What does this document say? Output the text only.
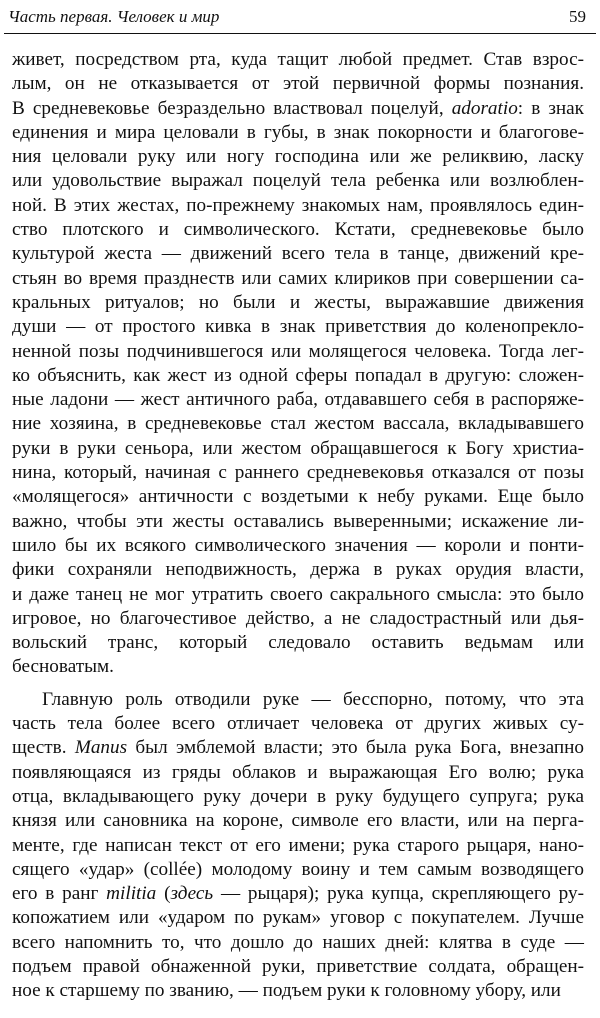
Часть первая. Человек и мир	59
живет, посредством рта, куда тащит любой предмет. Став взрос-
лым, он не отказывается от этой первичной формы познания.
В средневековье безраздельно властвовал поцелуй, adoratio: в знак
единения и мира целовали в губы, в знак покорности и благогове-
ния целовали руку или ногу господина или же реликвию, ласку
или удовольствие выражал поцелуй тела ребенка или возлюблен-
ной. В этих жестах, по-прежнему знакомых нам, проявлялось един-
ство плотского и символического. Кстати, средневековье было
культурой жеста — движений всего тела в танце, движений кре-
стьян во время празднеств или самих клириков при совершении са-
кральных ритуалов; но были и жесты, выражавшие движения
души — от простого кивка в знак приветствия до коленопрекло-
ненной позы подчинившегося или молящегося человека. Тогда лег-
ко объяснить, как жест из одной сферы попадал в другую: сложен-
ные ладони — жест античного раба, отдававшего себя в распоряже-
ние хозяина, в средневековье стал жестом вассала, вкладывавшего
руки в руки сеньора, или жестом обращавшегося к Богу христиа-
нина, который, начиная с раннего средневековья отказался от позы
«молящегося» античности с воздетыми к небу руками. Еще было
важно, чтобы эти жесты оставались выверенными; искажение ли-
шило бы их всякого символического значения — короли и понти-
фики сохраняли неподвижность, держа в руках орудия власти,
и даже танец не мог утратить своего сакрального смысла: это было
игровое, но благочестивое действо, а не сладострастный или дья-
вольский транс, который следовало оставить ведьмам или
бесноватым.
Главную роль отводили руке — бесспорно, потому, что эта
часть тела более всего отличает человека от других живых су-
ществ. Manus был эмблемой власти; это была рука Бога, внезапно
появляющаяся из гряды облаков и выражающая Его волю; рука
отца, вкладывающего руку дочери в руку будущего супруга; рука
князя или сановника на короне, символе его власти, или на перга-
менте, где написан текст от его имени; рука старого рыцаря, нано-
сящего «удар» (collée) молодому воину и тем самым возводящего
его в ранг militia (здесь — рыцаря); рука купца, скрепляющего ру-
копожатием или «ударом по рукам» уговор с покупателем. Лучше
всего напомнить то, что дошло до наших дней: клятва в суде —
подъем правой обнаженной руки, приветствие солдата, обращен-
ное к старшему по званию, — подъем руки к головному убору, или
